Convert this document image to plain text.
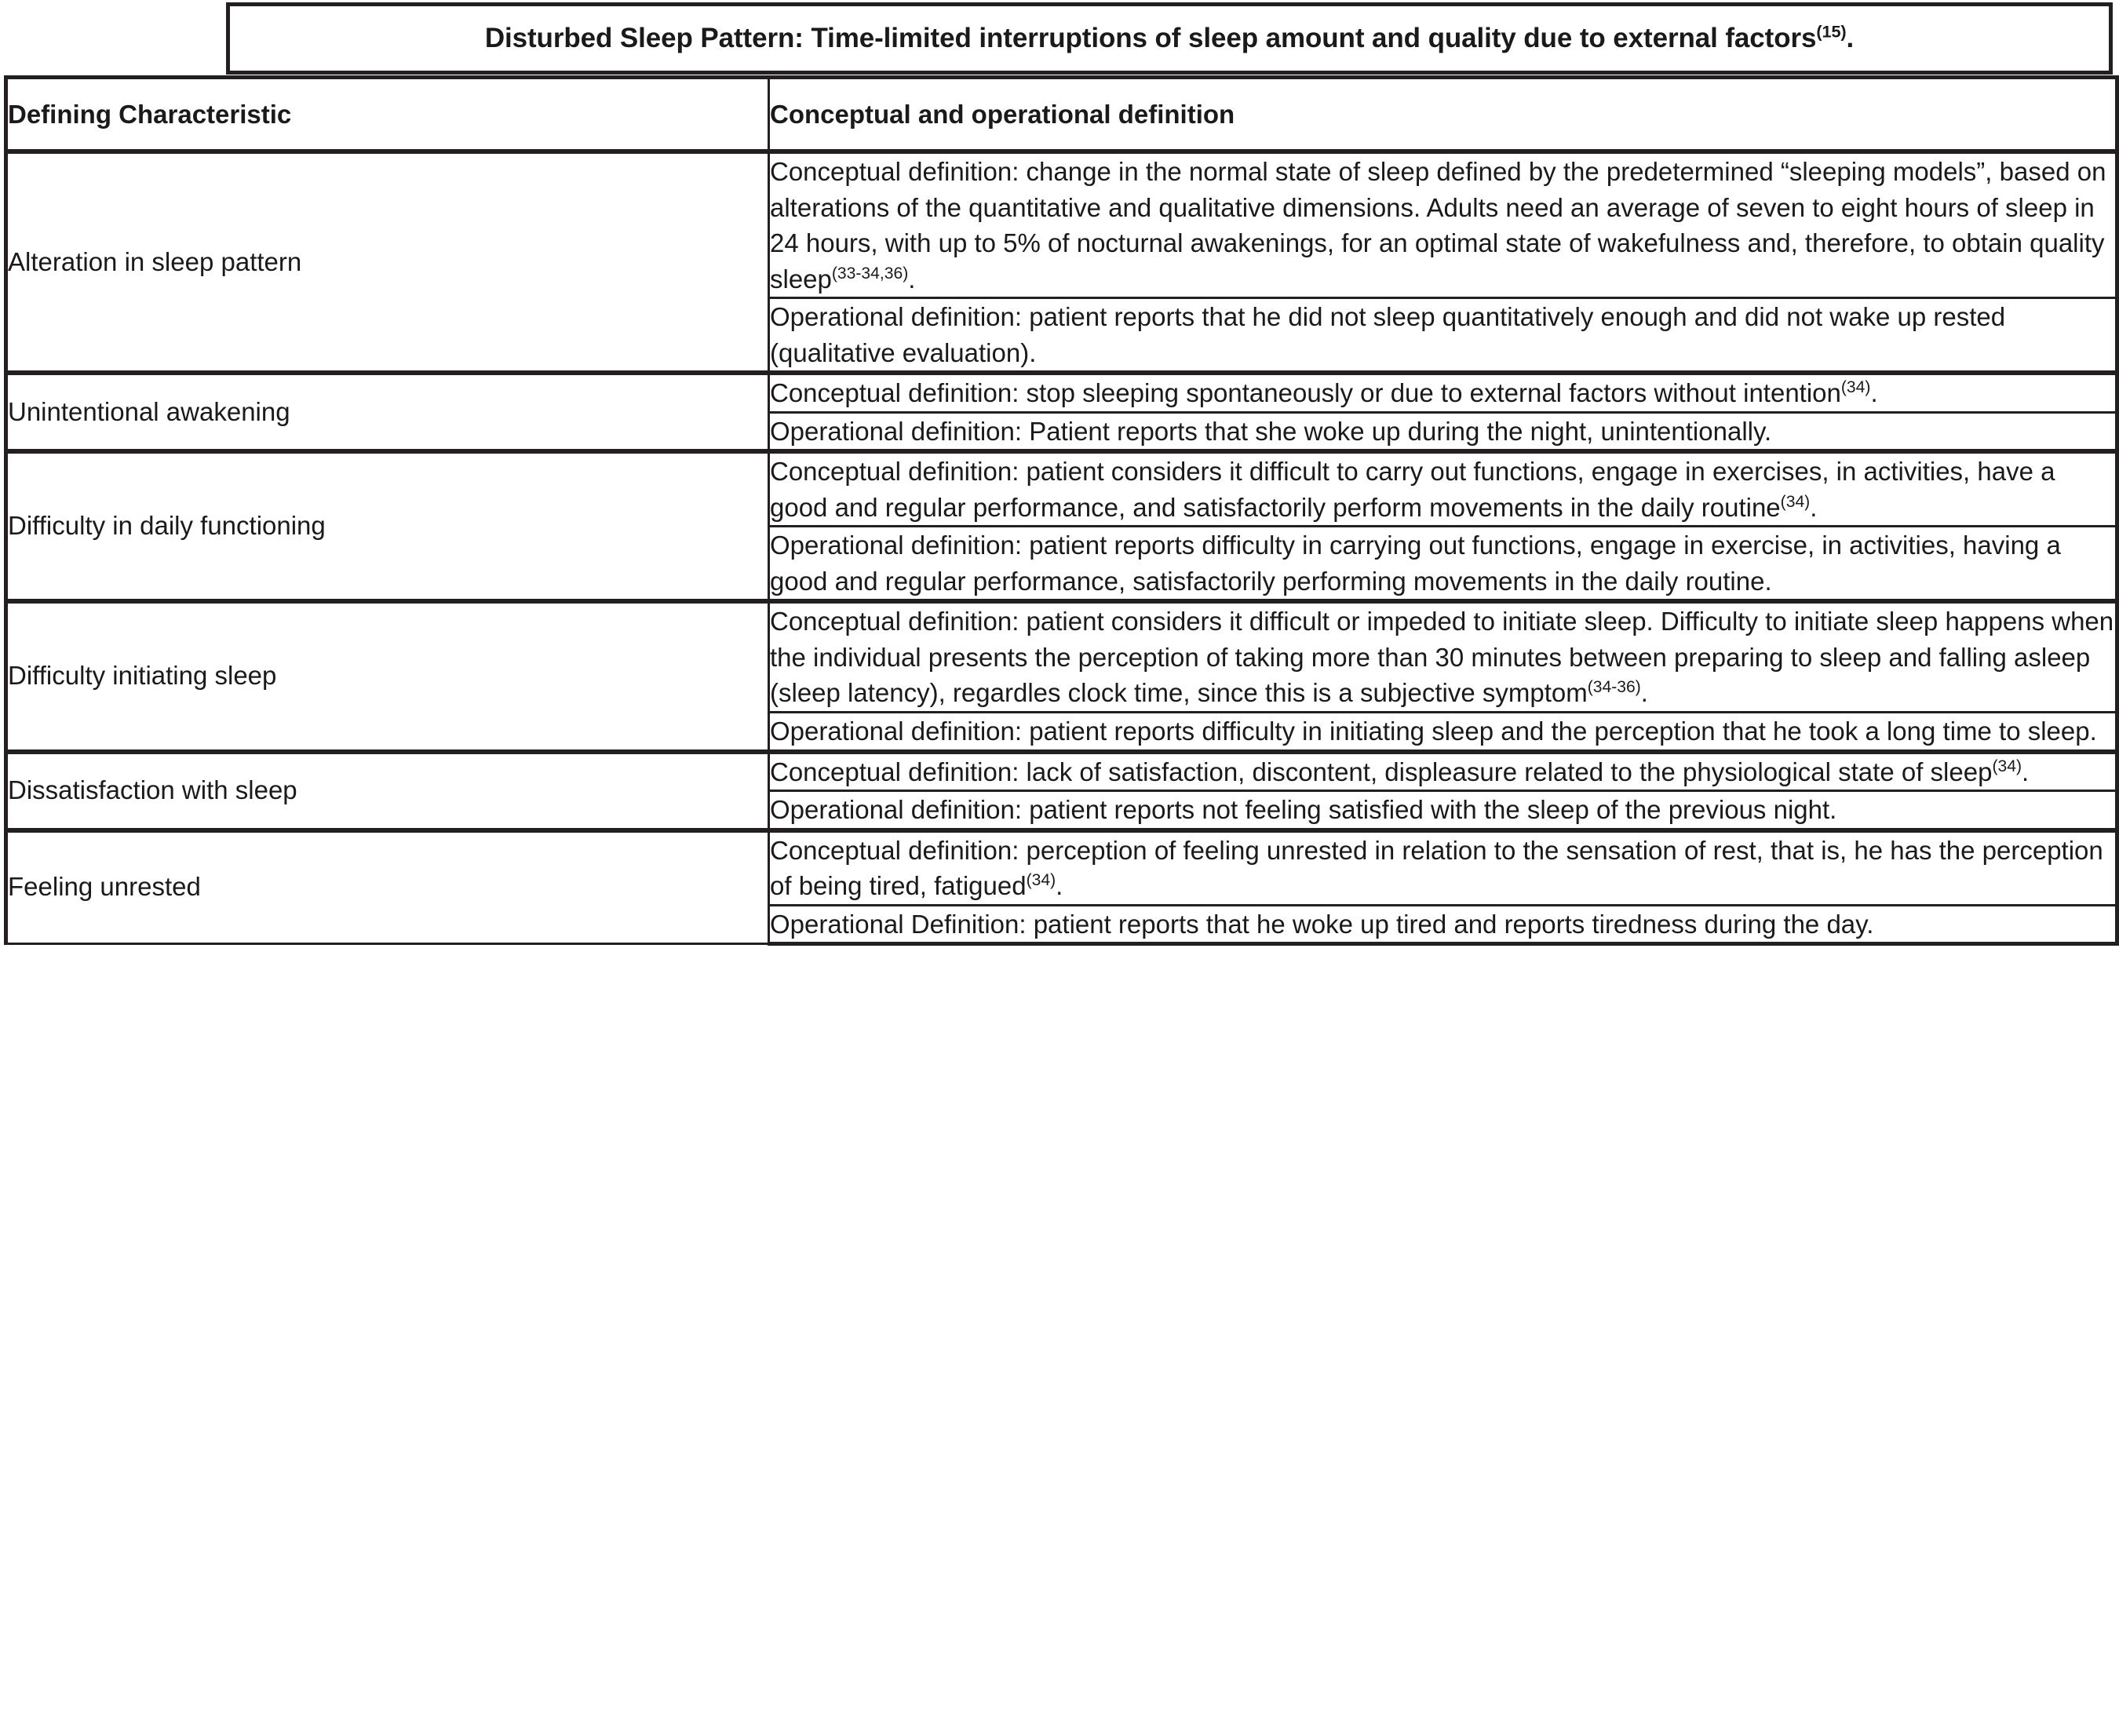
Disturbed Sleep Pattern: Time-limited interruptions of sleep amount and quality due to external factors$^{(15)}$.
Defining Characteristic	Conceptual and operational definition
Alteration in sleep pattern	Conceptual definition: change in the normal state of sleep defined by the predetermined “sleeping models”, based on alterations of the quantitative and qualitative dimensions. Adults need an average of seven to eight hours of sleep in 24 hours, with up to 5% of nocturnal awakenings, for an optimal state of wakefulness and, therefore, to obtain quality sleep$^{(33-34,36)}$.
	Operational definition: patient reports that he did not sleep quantitatively enough and did not wake up rested (qualitative evaluation).
Unintentional awakening	Conceptual definition: stop sleeping spontaneously or due to external factors without intention$^{(34)}$.
	Operational definition: Patient reports that she woke up during the night, unintentionally.
Difficulty in daily functioning	Conceptual definition: patient considers it difficult to carry out functions, engage in exercises, in activities, have a good and regular performance, and satisfactorily perform movements in the daily routine$^{(34)}$.
	Operational definition: patient reports difficulty in carrying out functions, engage in exercise, in activities, having a good and regular performance, satisfactorily performing movements in the daily routine.
Difficulty initiating sleep	Conceptual definition: patient considers it difficult or impeded to initiate sleep. Difficulty to initiate sleep happens when the individual presents the perception of taking more than 30 minutes between preparing to sleep and falling asleep (sleep latency), regardles clock time, since this is a subjective symptom$^{(34-36)}$.
	Operational definition: patient reports difficulty in initiating sleep and the perception that he took a long time to sleep.
Dissatisfaction with sleep	Conceptual definition: lack of satisfaction, discontent, displeasure related to the physiological state of sleep$^{(34)}$.
	Operational definition: patient reports not feeling satisfied with the sleep of the previous night.
Feeling unrested	Conceptual definition: perception of feeling unrested in relation to the sensation of rest, that is, he has the perception of being tired, fatigued$^{(34)}$.
	Operational Definition: patient reports that he woke up tired and reports tiredness during the day.
